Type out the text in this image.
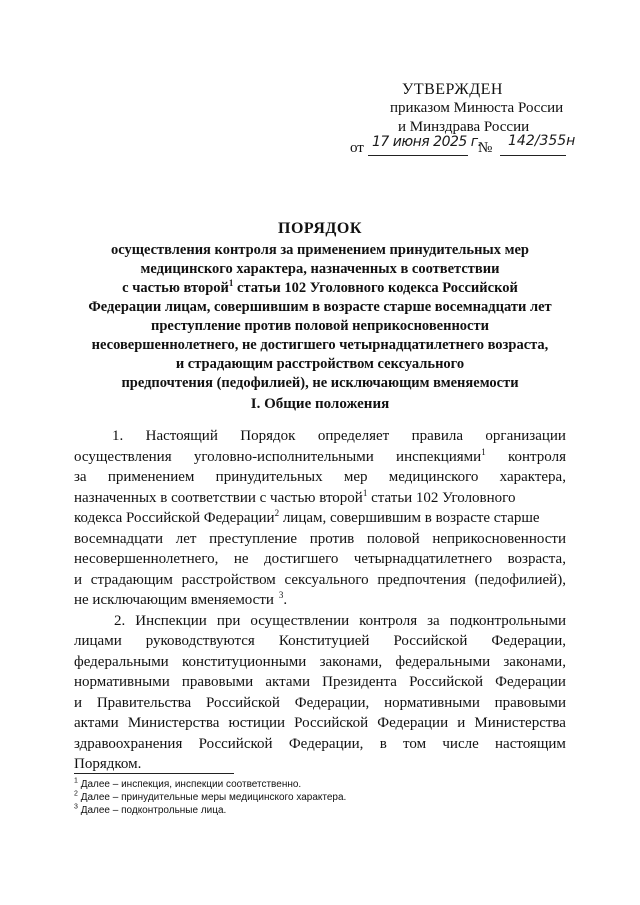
УТВЕРЖДЕН
приказом Минюста России
и Минздрава России
от 17 июня 2025 г.
№ 142/355н
ПОРЯДОК
осуществления контроля за применением принудительных мер
медицинского характера, назначенных в соответствии
с частью второй$^1$ статьи 102 Уголовного кодекса Российской
Федерации лицам, совершившим в возрасте старше восемнадцати лет
преступление против половой неприкосновенности
несовершеннолетнего, не достигшего четырнадцатилетнего возраста,
и страдающим расстройством сексуального
предпочтения (педофилией), не исключающим вменяемости
I. Общие положения
1. Настоящий Порядок определяет правила организации
осуществления уголовно-исполнительными инспекциями$^1$ контроля
за применением принудительных мер медицинского характера,
назначенных в соответствии с частью второй$^1$ статьи 102 Уголовного
кодекса Российской Федерации$^2$ лицам, совершившим в возрасте старше
восемнадцати лет преступление против половой неприкосновенности
несовершеннолетнего, не достигшего четырнадцатилетнего возраста,
и страдающим расстройством сексуального предпочтения (педофилией),
не исключающим вменяемости $^3$.
2. Инспекции при осуществлении контроля за подконтрольными
лицами руководствуются Конституцией Российской Федерации,
федеральными конституционными законами, федеральными законами,
нормативными правовыми актами Президента Российской Федерации
и Правительства Российской Федерации, нормативными правовыми
актами Министерства юстиции Российской Федерации и Министерства
здравоохранения Российской Федерации, в том числе настоящим
Порядком.
$^1$ Далее – инспекция, инспекции соответственно.
$^2$ Далее – принудительные меры медицинского характера.
$^3$ Далее – подконтрольные лица.
